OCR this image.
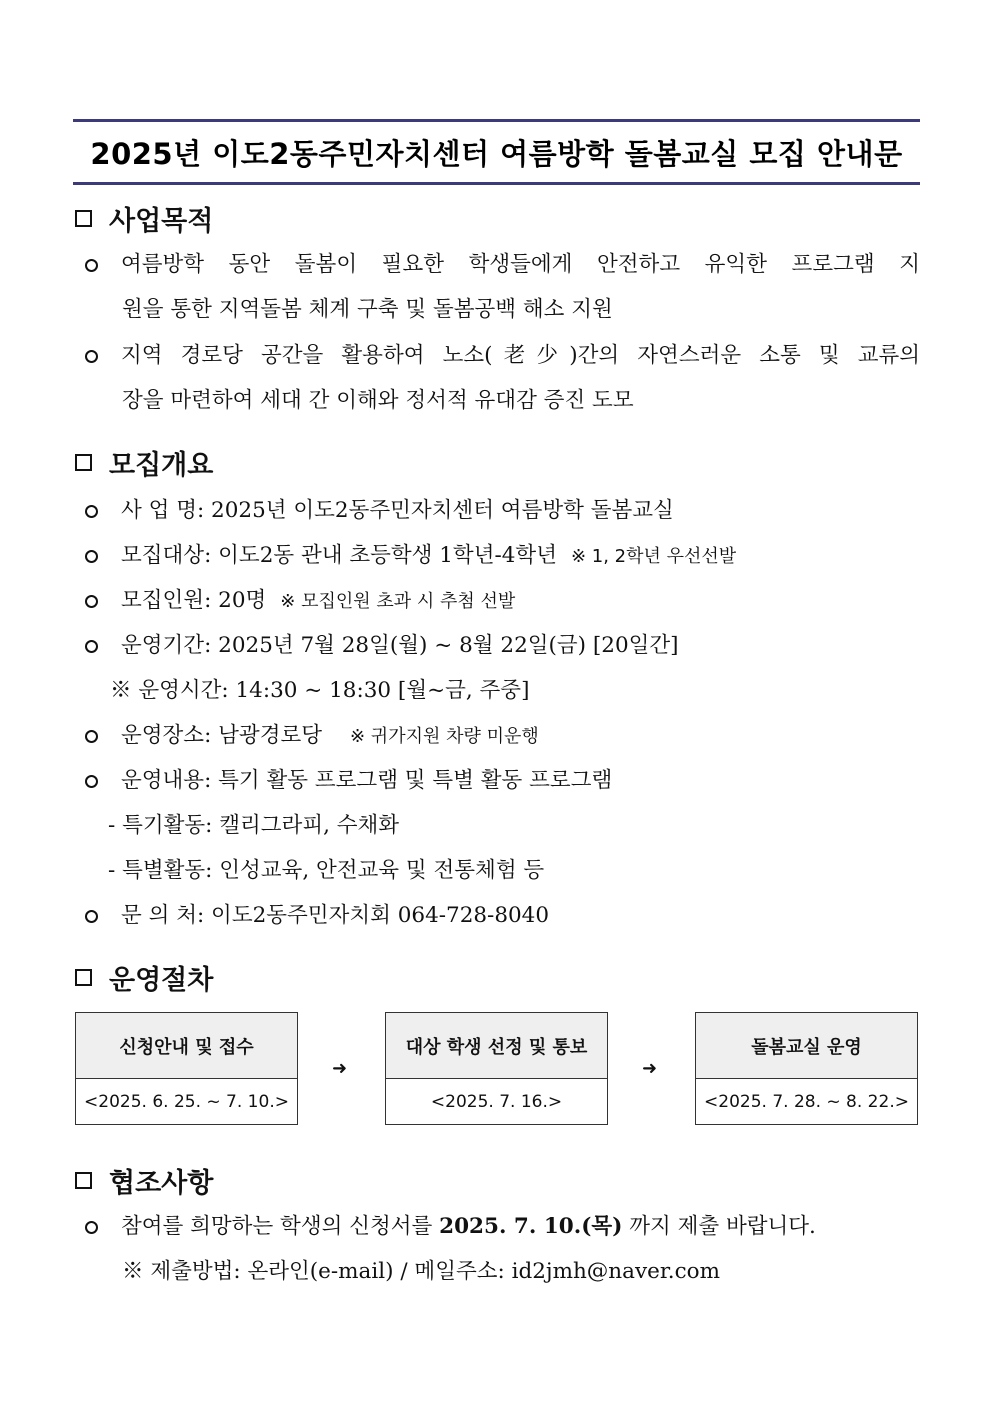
2025년 이도2동주민자치센터 여름방학 돌봄교실 모집 안내문
사업목적
여름방학 동안 돌봄이 필요한 학생들에게 안전하고 유익한 프로그램 지
원을 통한 지역돌봄 체계 구축 및 돌봄공백 해소 지원
지역 경로당 공간을 활용하여 노소(老少)간의 자연스러운 소통 및 교류의
장을 마련하여 세대 간 이해와 정서적 유대감 증진 도모
모집개요
사 업 명: 2025년 이도2동주민자치센터 여름방학 돌봄교실
모집대상: 이도2동 관내 초등학생 1학년-4학년 ※ 1, 2학년 우선선발
모집인원: 20명 ※ 모집인원 초과 시 추첨 선발
운영기간: 2025년 7월 28일(월) ~ 8월 22일(금) [20일간]
※ 운영시간: 14:30 ~ 18:30 [월~금, 주중]
운영장소: 남광경로당 ※ 귀가지원 차량 미운행
운영내용: 특기 활동 프로그램 및 특별 활동 프로그램
- 특기활동: 캘리그라피, 수채화
- 특별활동: 인성교육, 안전교육 및 전통체험 등
문 의 처: 이도2동주민자치회 064-728-8040
운영절차
신청안내 및 접수
<2025. 6. 25. ~ 7. 10.>
➜
대상 학생 선정 및 통보
<2025. 7. 16.>
➜
돌봄교실 운영
<2025. 7. 28. ~ 8. 22.>
협조사항
참여를 희망하는 학생의 신청서를 2025. 7. 10.(목) 까지 제출 바랍니다.
※ 제출방법: 온라인(e-mail) / 메일주소: id2jmh@naver.com
